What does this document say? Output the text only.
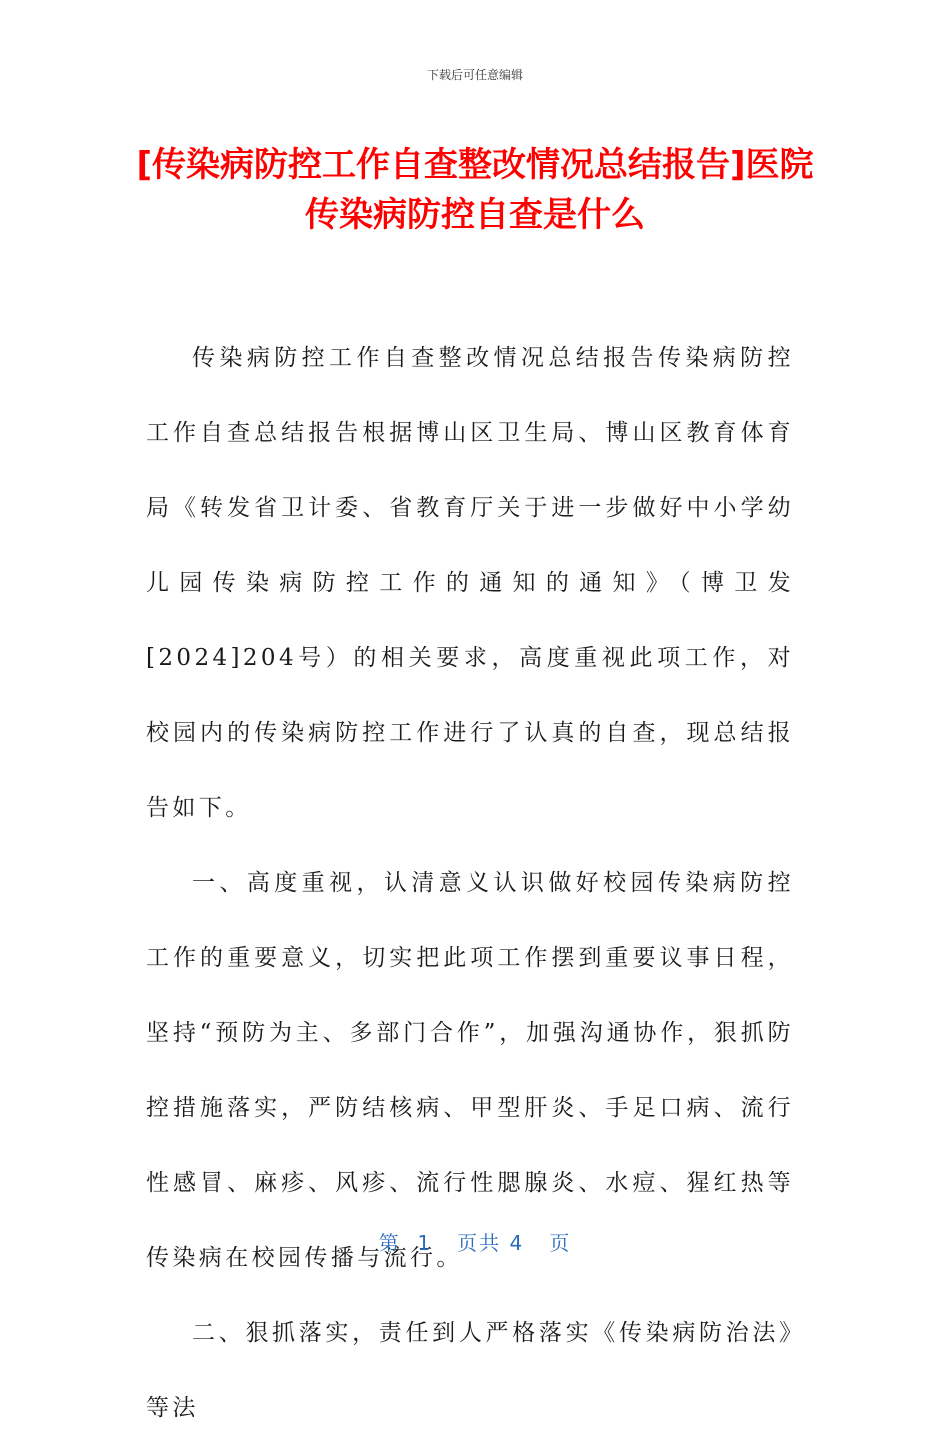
下载后可任意编辑
[传染病防控工作自查整改情况总结报告]医院传染病防控自查是什么

传染病防控工作自查整改情况总结报告传染病防控工作自查总结报告根据博山区卫生局、博山区教育体育局《转发省卫计委、省教育厅关于进一步做好中小学幼儿园传染病防控工作的通知的通知》（博卫发[2024]204号）的相关要求，高度重视此项工作，对校园内的传染病防控工作进行了认真的自查，现总结报告如下。

一、高度重视，认清意义认识做好校园传染病防控工作的重要意义，切实把此项工作摆到重要议事日程，坚持“预防为主、多部门合作”，加强沟通协作，狠抓防控措施落实，严防结核病、甲型肝炎、手足口病、流行性感冒、麻疹、风疹、流行性腮腺炎、水痘、猩红热等传染病在校园传播与流行。

二、狠抓落实，责任到人严格落实《传染病防治法》等法

第  1   页共 4   页
